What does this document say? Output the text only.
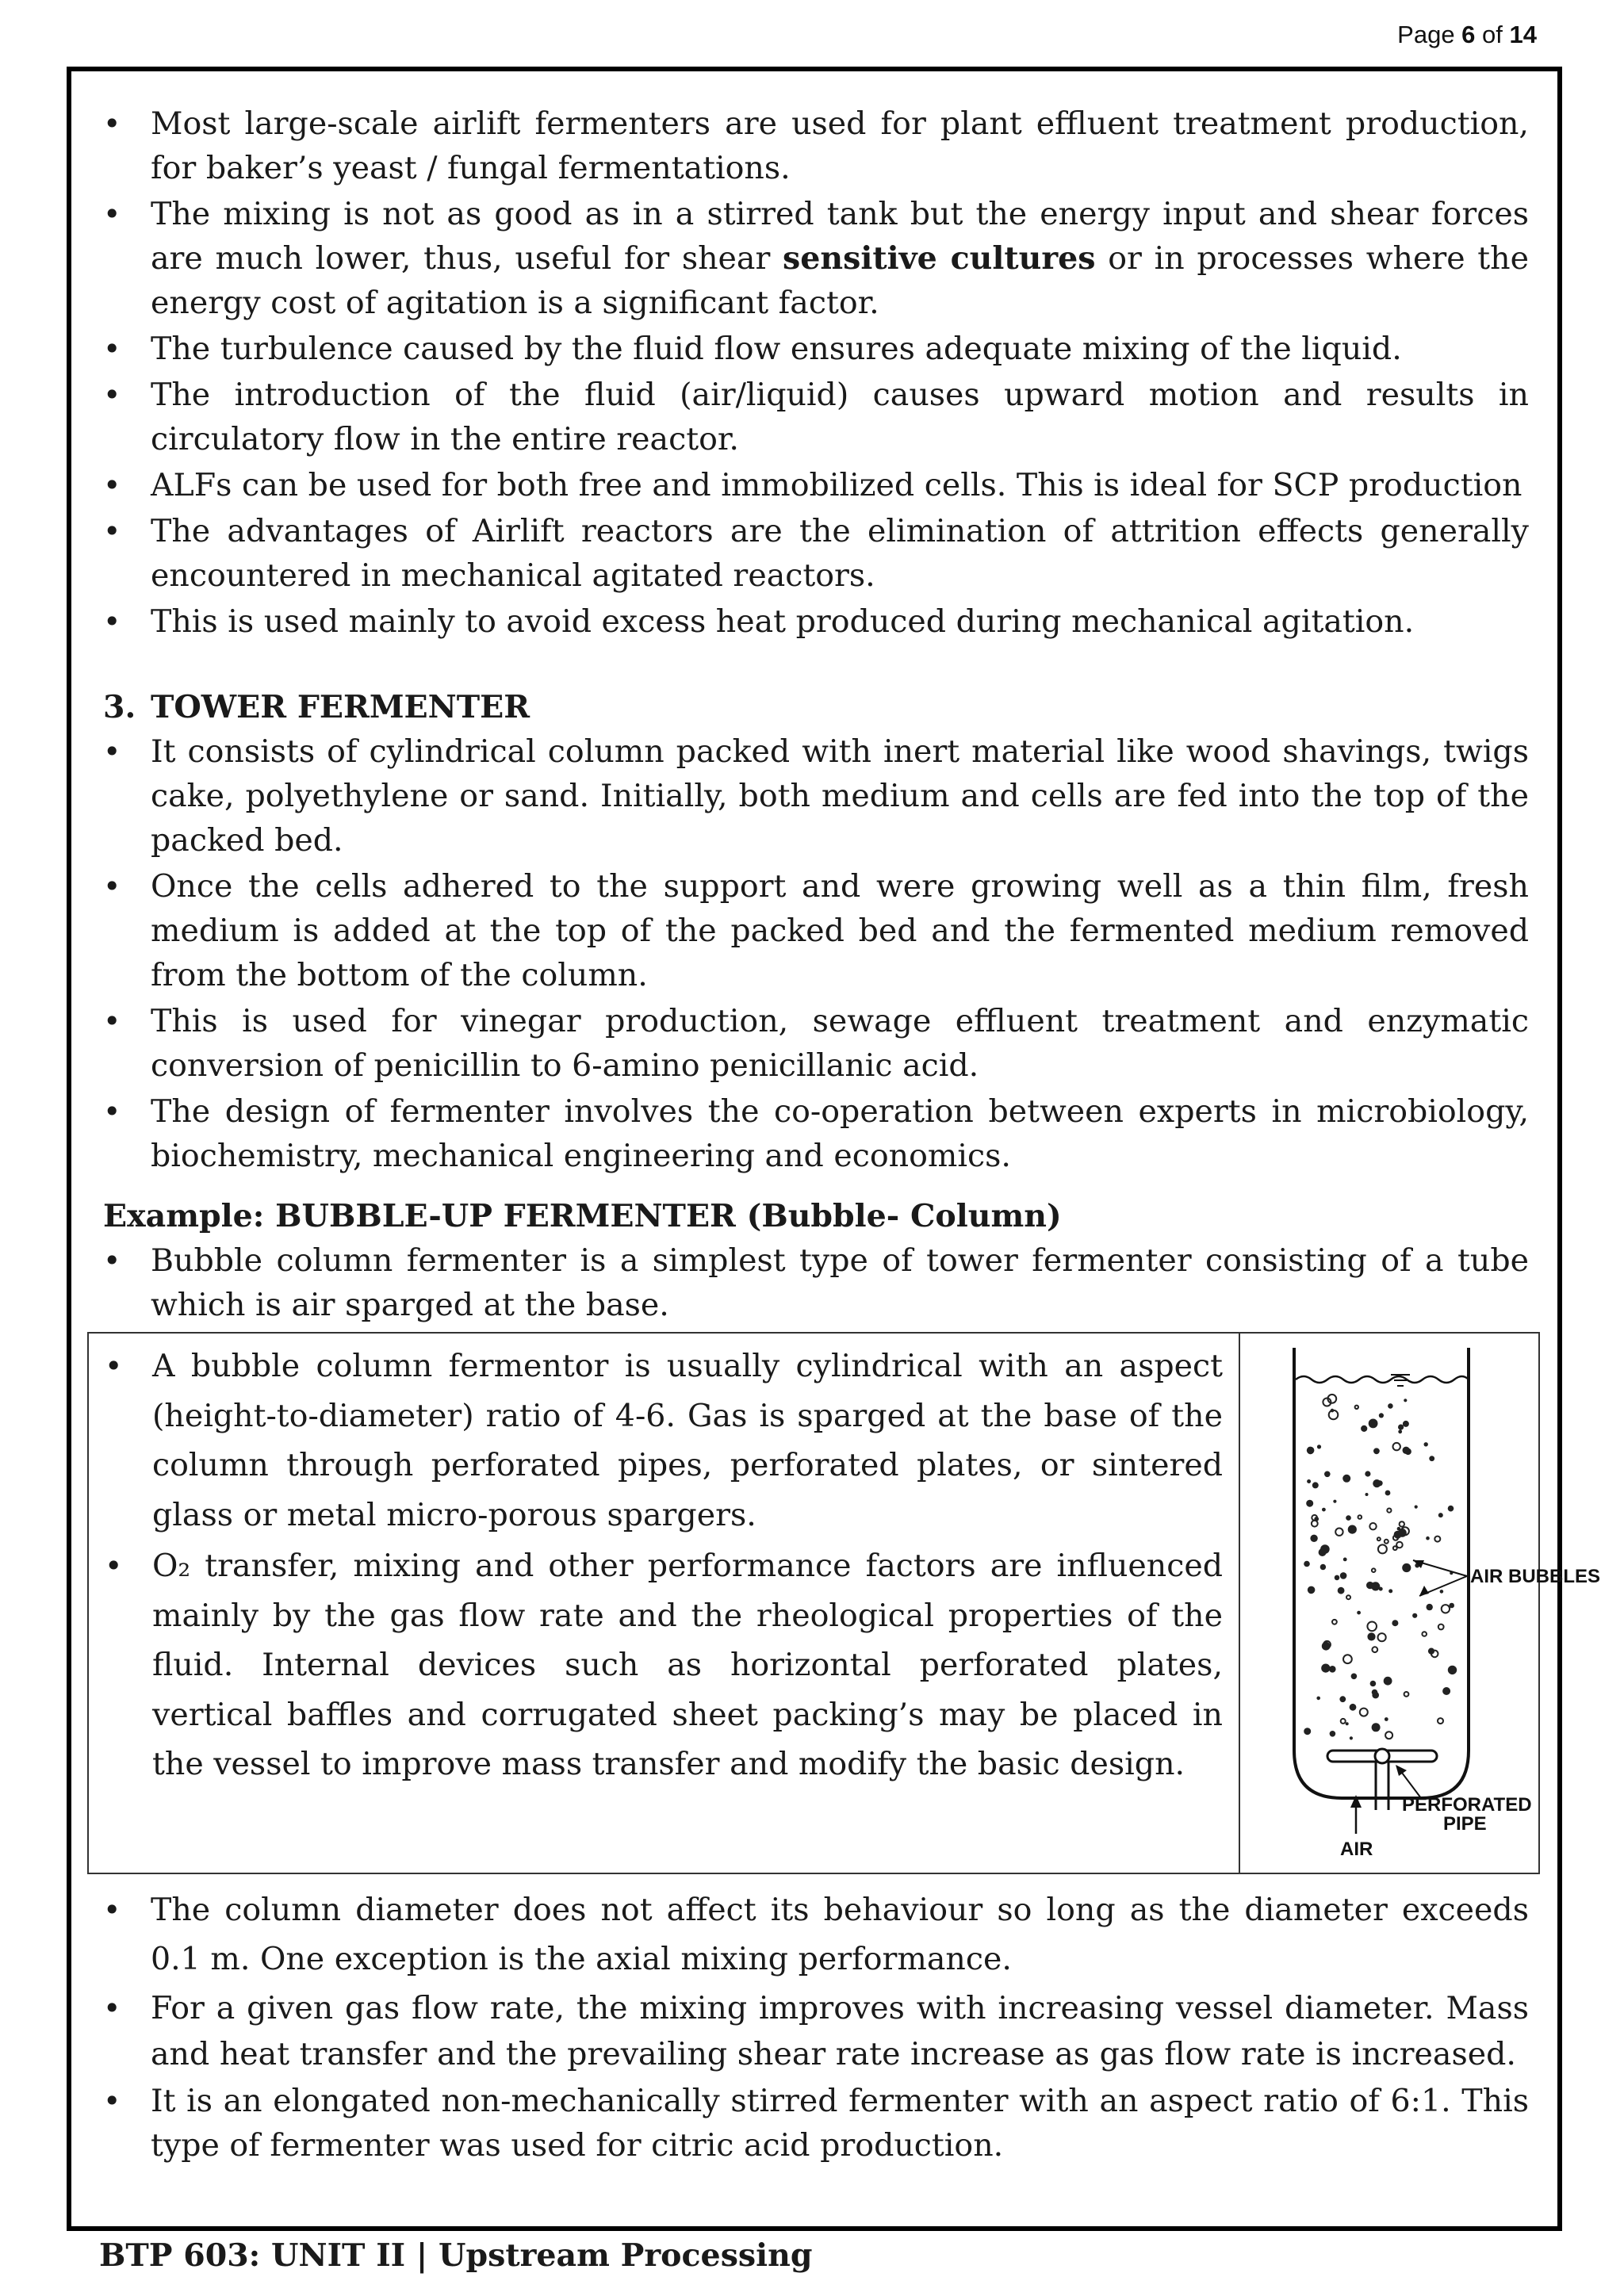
Page 6 of 14
• Most large-scale airlift fermenters are used for plant effluent treatment production, for baker’s yeast / fungal fermentations.
• The mixing is not as good as in a stirred tank but the energy input and shear forces are much lower, thus, useful for shear sensitive cultures or in processes where the energy cost of agitation is a significant factor.
• The turbulence caused by the fluid flow ensures adequate mixing of the liquid.
• The introduction of the fluid (air/liquid) causes upward motion and results in circulatory flow in the entire reactor.
• ALFs can be used for both free and immobilized cells. This is ideal for SCP production
• The advantages of Airlift reactors are the elimination of attrition effects generally encountered in mechanical agitated reactors.
• This is used mainly to avoid excess heat produced during mechanical agitation.
3. TOWER FERMENTER
• It consists of cylindrical column packed with inert material like wood shavings, twigs cake, polyethylene or sand. Initially, both medium and cells are fed into the top of the packed bed.
• Once the cells adhered to the support and were growing well as a thin film, fresh medium is added at the top of the packed bed and the fermented medium removed from the bottom of the column.
• This is used for vinegar production, sewage effluent treatment and enzymatic conversion of penicillin to 6-amino penicillanic acid.
• The design of fermenter involves the co-operation between experts in microbiology, biochemistry, mechanical engineering and economics.
Example: BUBBLE-UP FERMENTER (Bubble- Column)
• Bubble column fermenter is a simplest type of tower fermenter consisting of a tube which is air sparged at the base.
• A bubble column fermentor is usually cylindrical with an aspect (height-to-diameter) ratio of 4-6. Gas is sparged at the base of the column through perforated pipes, perforated plates, or sintered glass or metal micro-porous spargers.
• O₂ transfer, mixing and other performance factors are influenced mainly by the gas flow rate and the rheological properties of the fluid. Internal devices such as horizontal perforated plates, vertical baffles and corrugated sheet packing’s may be placed in the vessel to improve mass transfer and modify the basic design.
AIR BUBBLES
PERFORATED
PIPE
AIR
• The column diameter does not affect its behaviour so long as the diameter exceeds 0.1 m. One exception is the axial mixing performance.
• For a given gas flow rate, the mixing improves with increasing vessel diameter. Mass and heat transfer and the prevailing shear rate increase as gas flow rate is increased.
• It is an elongated non-mechanically stirred fermenter with an aspect ratio of 6:1. This type of fermenter was used for citric acid production.
BTP 603: UNIT II | Upstream Processing
